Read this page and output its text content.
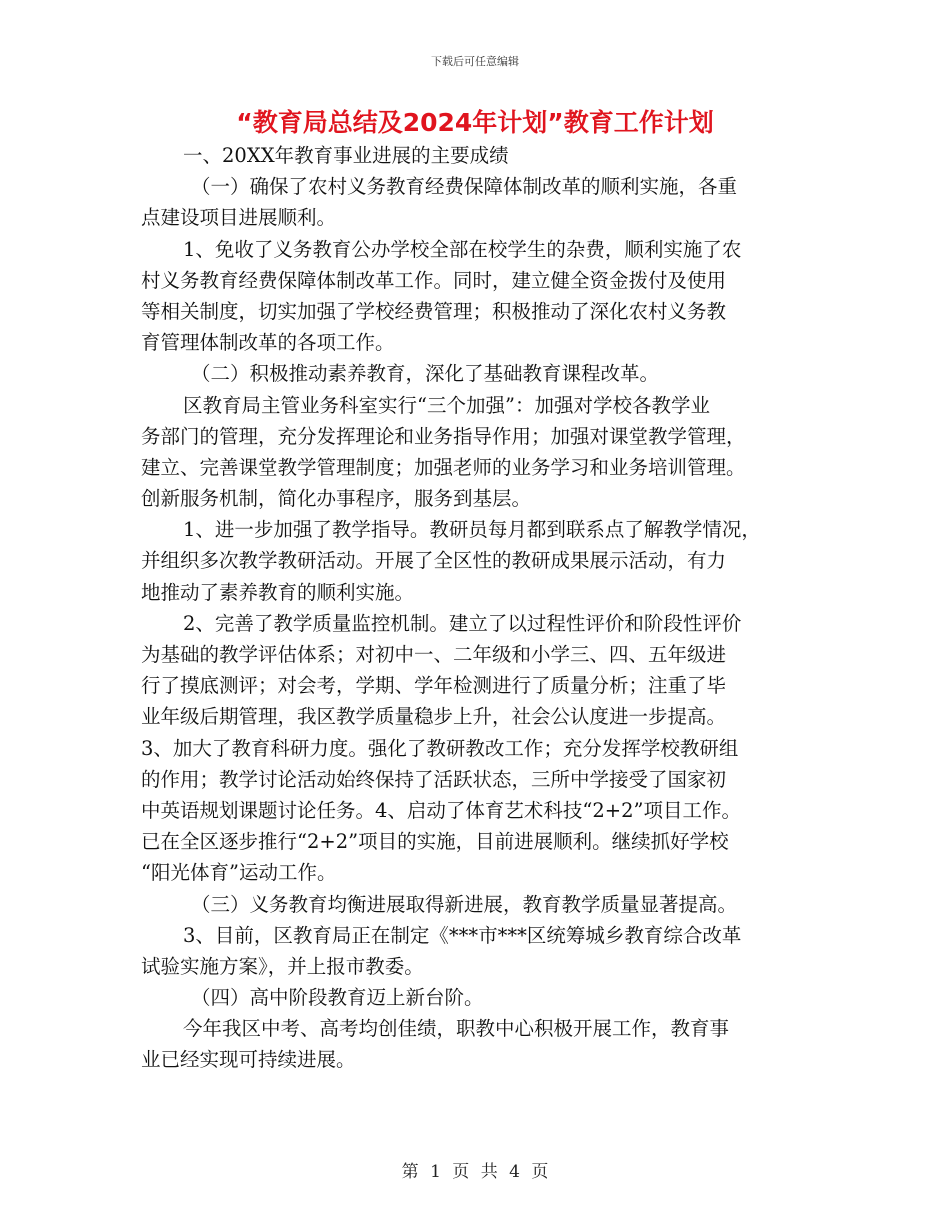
下载后可任意编辑
“教育局总结及2024年计划”教育工作计划
一、20XX年教育事业进展的主要成绩
（一）确保了农村义务教育经费保障体制改革的顺利实施，各重
点建设项目进展顺利。
1、免收了义务教育公办学校全部在校学生的杂费，顺利实施了农
村义务教育经费保障体制改革工作。同时，建立健全资金拨付及使用
等相关制度，切实加强了学校经费管理；积极推动了深化农村义务教
育管理体制改革的各项工作。
（二）积极推动素养教育，深化了基础教育课程改革。
区教育局主管业务科室实行“三个加强”：加强对学校各教学业
务部门的管理，充分发挥理论和业务指导作用；加强对课堂教学管理，
建立、完善课堂教学管理制度；加强老师的业务学习和业务培训管理。
创新服务机制，简化办事程序，服务到基层。
1、进一步加强了教学指导。教研员每月都到联系点了解教学情况，
并组织多次教学教研活动。开展了全区性的教研成果展示活动，有力
地推动了素养教育的顺利实施。
2、完善了教学质量监控机制。建立了以过程性评价和阶段性评价
为基础的教学评估体系；对初中一、二年级和小学三、四、五年级进
行了摸底测评；对会考，学期、学年检测进行了质量分析；注重了毕
业年级后期管理，我区教学质量稳步上升，社会公认度进一步提高。
3、加大了教育科研力度。强化了教研教改工作；充分发挥学校教研组
的作用；教学讨论活动始终保持了活跃状态，三所中学接受了国家初
中英语规划课题讨论任务。4、启动了体育艺术科技“2+2”项目工作。
已在全区逐步推行“2+2”项目的实施，目前进展顺利。继续抓好学校
“阳光体育”运动工作。
（三）义务教育均衡进展取得新进展，教育教学质量显著提高。
3、目前，区教育局正在制定《***市***区统筹城乡教育综合改革
试验实施方案》，并上报市教委。
（四）高中阶段教育迈上新台阶。
今年我区中考、高考均创佳绩，职教中心积极开展工作，教育事
业已经实现可持续进展。
第 1 页 共 4 页
